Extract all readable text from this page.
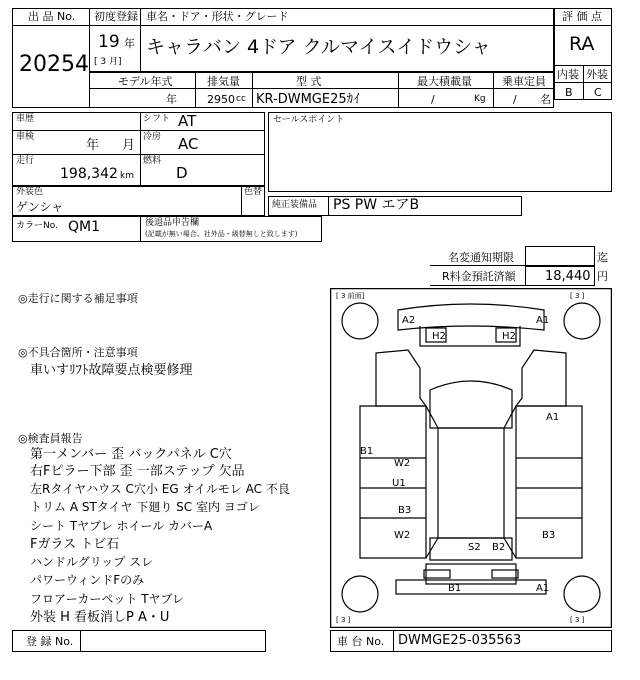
出 品 No.
20254
初度登録
19 年
[ 3 月]
車名・ドア・形状・グレード
キャラバン 4ドア クルマイスイドウシャ
評 価 点
RA
内装 外装
B C
モデル年式	排気量	型 式	最大積載量	乗車定員
年	2950 cc KR-DWMGE25ｶｲ	/	Kg / 名
車歴	シフト AT
車検
年 月
冷房 AC
走行
198,342 km
燃料
D
セールスポイント
外装色
ゲンシャ
色替
純正装備品 PS PW エアB
カラーNo. QM1	後退品申告欄
(記載が無い場合、社外品・級替無しと致します)
名変通知期限	迄
R料金預託済額 18,440 円
◎走行に関する補足事項
◎不具合箇所・注意事項
車いすﾘﾌﾄ故障要点検要修理
◎検査員報告
第一メンバー 歪 バックパネル C穴
右Fピラー下部 歪 一部ステップ 欠品
左Rタイヤハウス C穴小 EG オイルモレ AC 不良
トリム A STタイヤ 下廻り SC 室内 ヨゴレ
シート Tヤブレ ホイール カバーA
Fガラス トビ石
ハンドルグリップ スレ
パワーウィンドFのみ
フロアーカーペット Tヤブレ
外装 H 看板消しP A・U
[ 3 前面]	[ 3 ]
[ 3 ]	[ 3 ]
A2	A1
H2	H2
A1
B1
W2
U1
B3
W2
S2 B2
B3
B1	A1
登 録 No.	車 台 No. DWMGE25-035563
